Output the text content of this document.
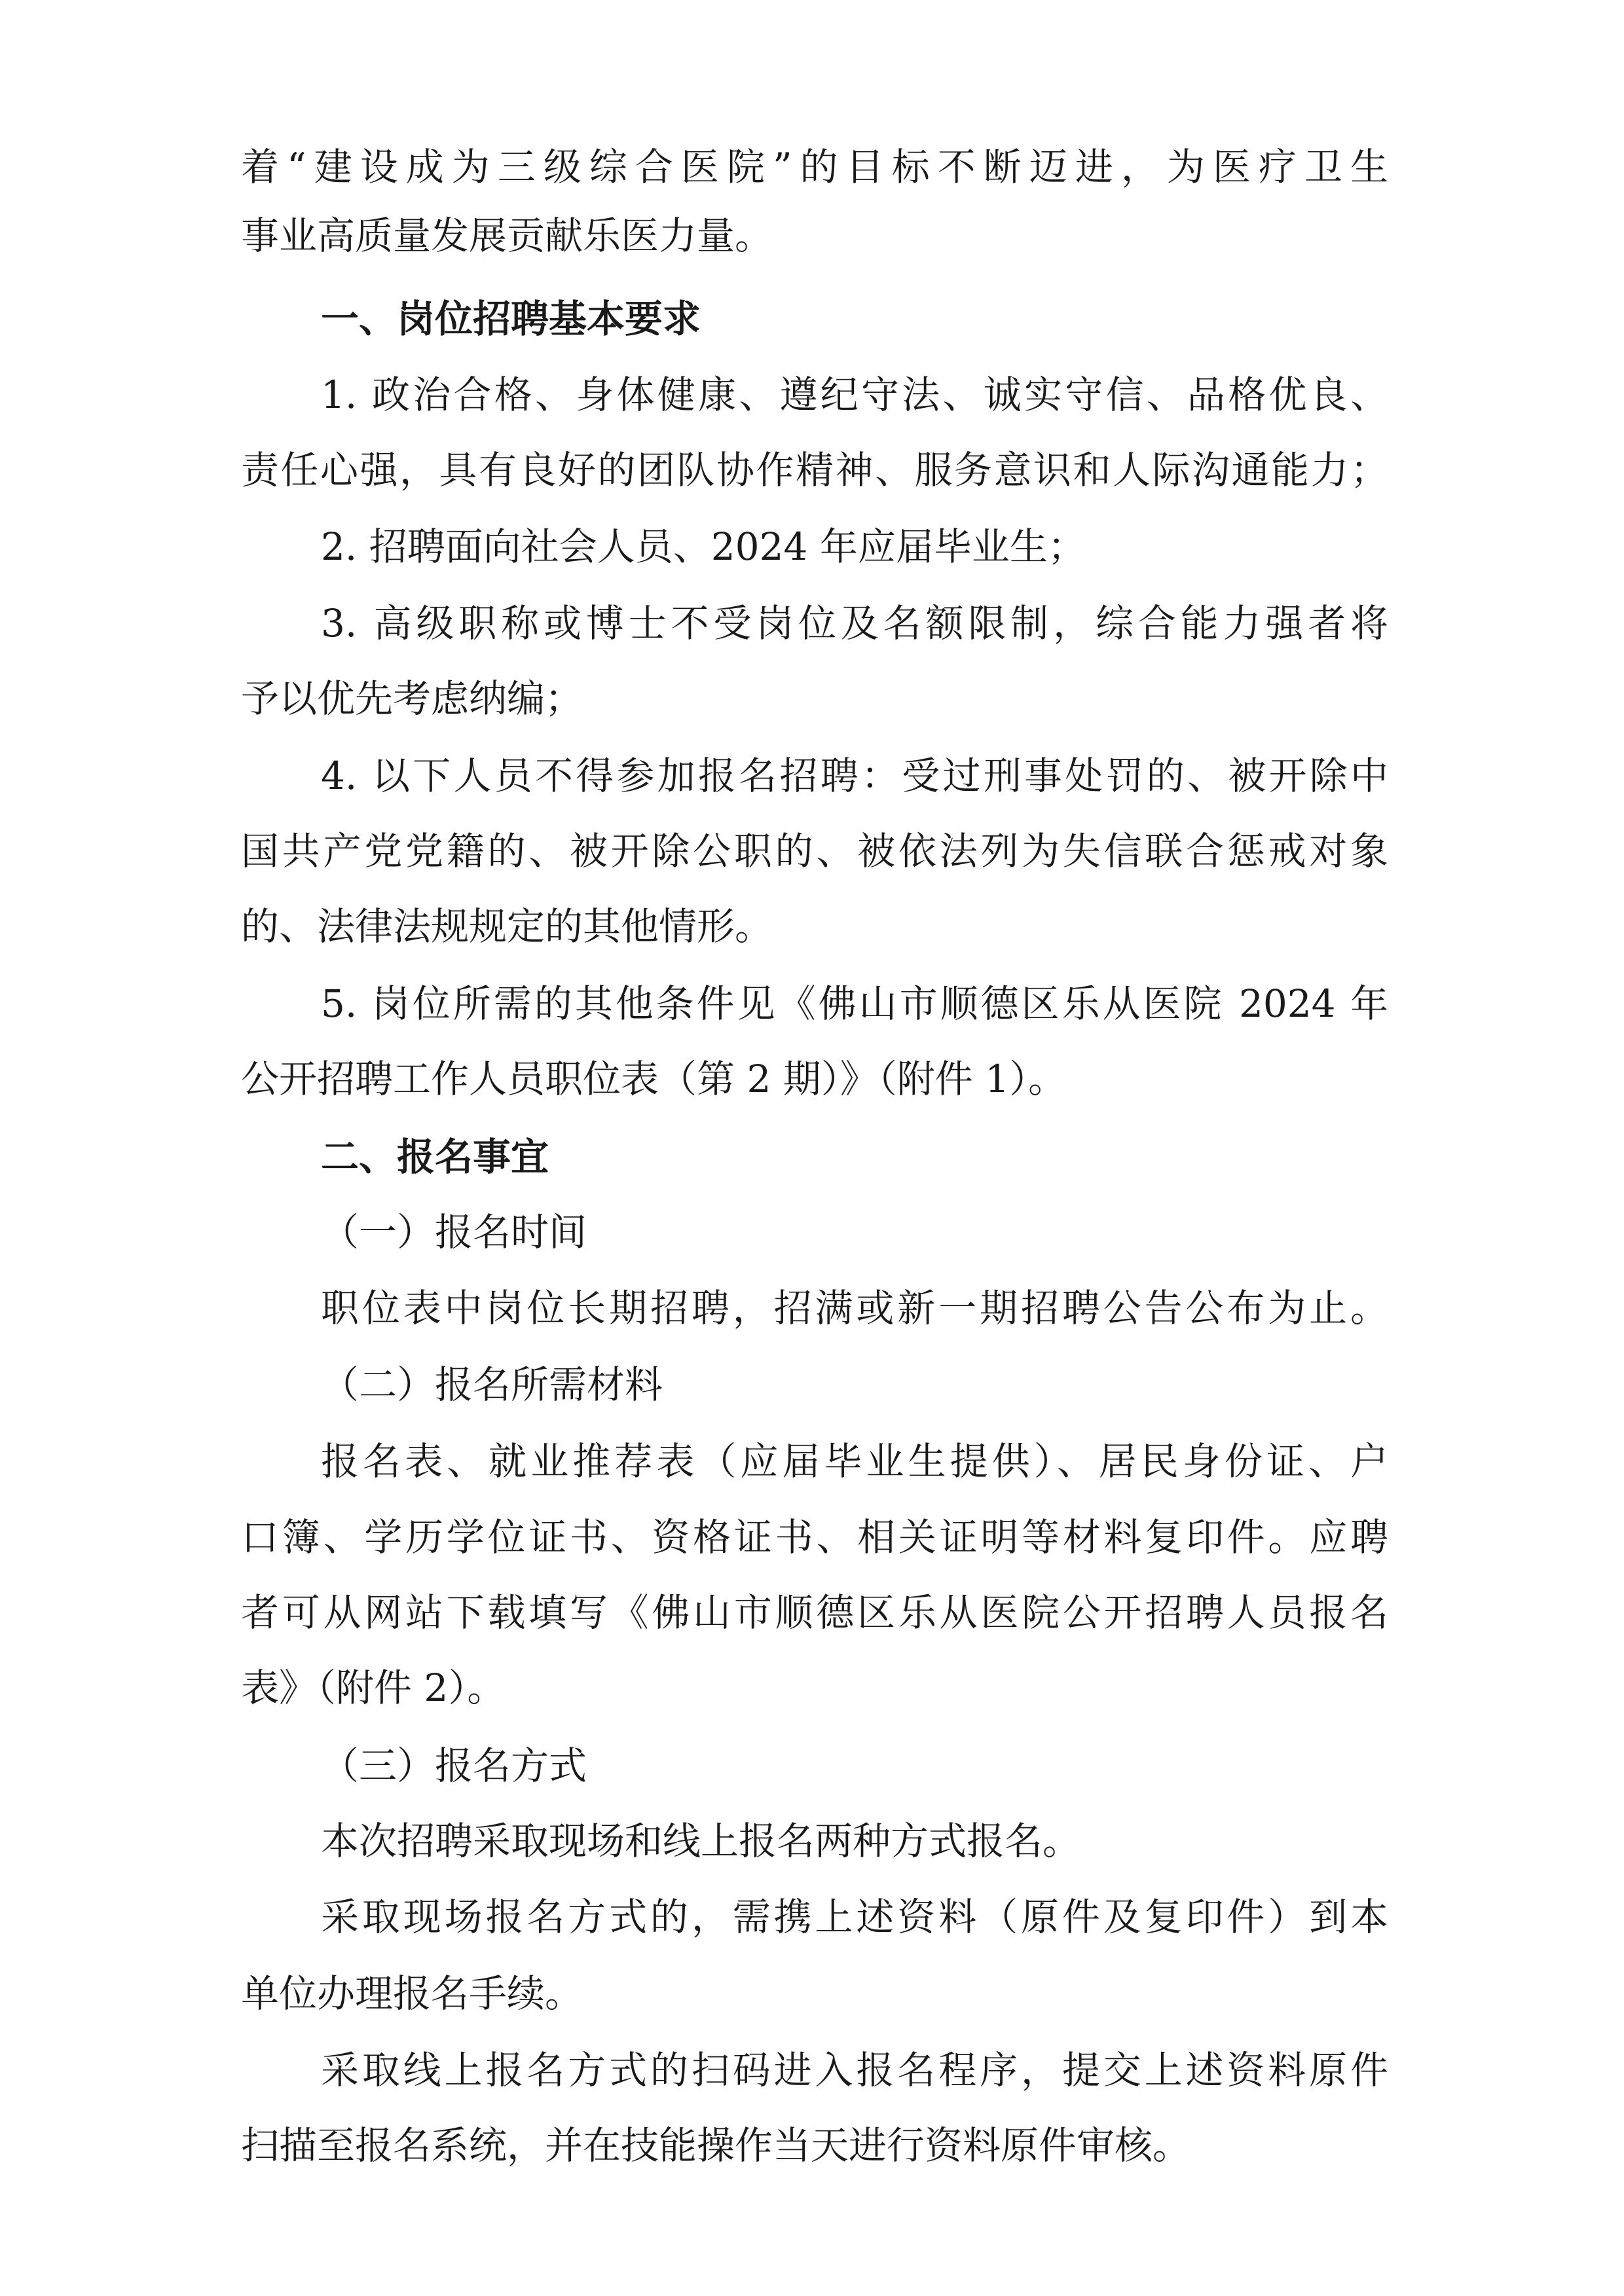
着“建设成为三级综合医院”的目标不断迈进，为医疗卫生
事业高质量发展贡献乐医力量。
一、岗位招聘基本要求
1. 政治合格、身体健康、遵纪守法、诚实守信、品格优良、
责任心强，具有良好的团队协作精神、服务意识和人际沟通能力；
2. 招聘面向社会人员、2024 年应届毕业生；
3. 高级职称或博士不受岗位及名额限制，综合能力强者将
予以优先考虑纳编；
4. 以下人员不得参加报名招聘：受过刑事处罚的、被开除中
国共产党党籍的、被开除公职的、被依法列为失信联合惩戒对象
的、法律法规规定的其他情形。
5. 岗位所需的其他条件见《佛山市顺德区乐从医院 2024 年
公开招聘工作人员职位表（第 2 期）》（附件 1）。
二、报名事宜
（一）报名时间
职位表中岗位长期招聘，招满或新一期招聘公告公布为止。
（二）报名所需材料
报名表、就业推荐表（应届毕业生提供）、居民身份证、户
口簿、学历学位证书、资格证书、相关证明等材料复印件。应聘
者可从网站下载填写《佛山市顺德区乐从医院公开招聘人员报名
表》（附件 2）。
（三）报名方式
本次招聘采取现场和线上报名两种方式报名。
采取现场报名方式的，需携上述资料（原件及复印件）到本
单位办理报名手续。
采取线上报名方式的扫码进入报名程序，提交上述资料原件
扫描至报名系统，并在技能操作当天进行资料原件审核。
